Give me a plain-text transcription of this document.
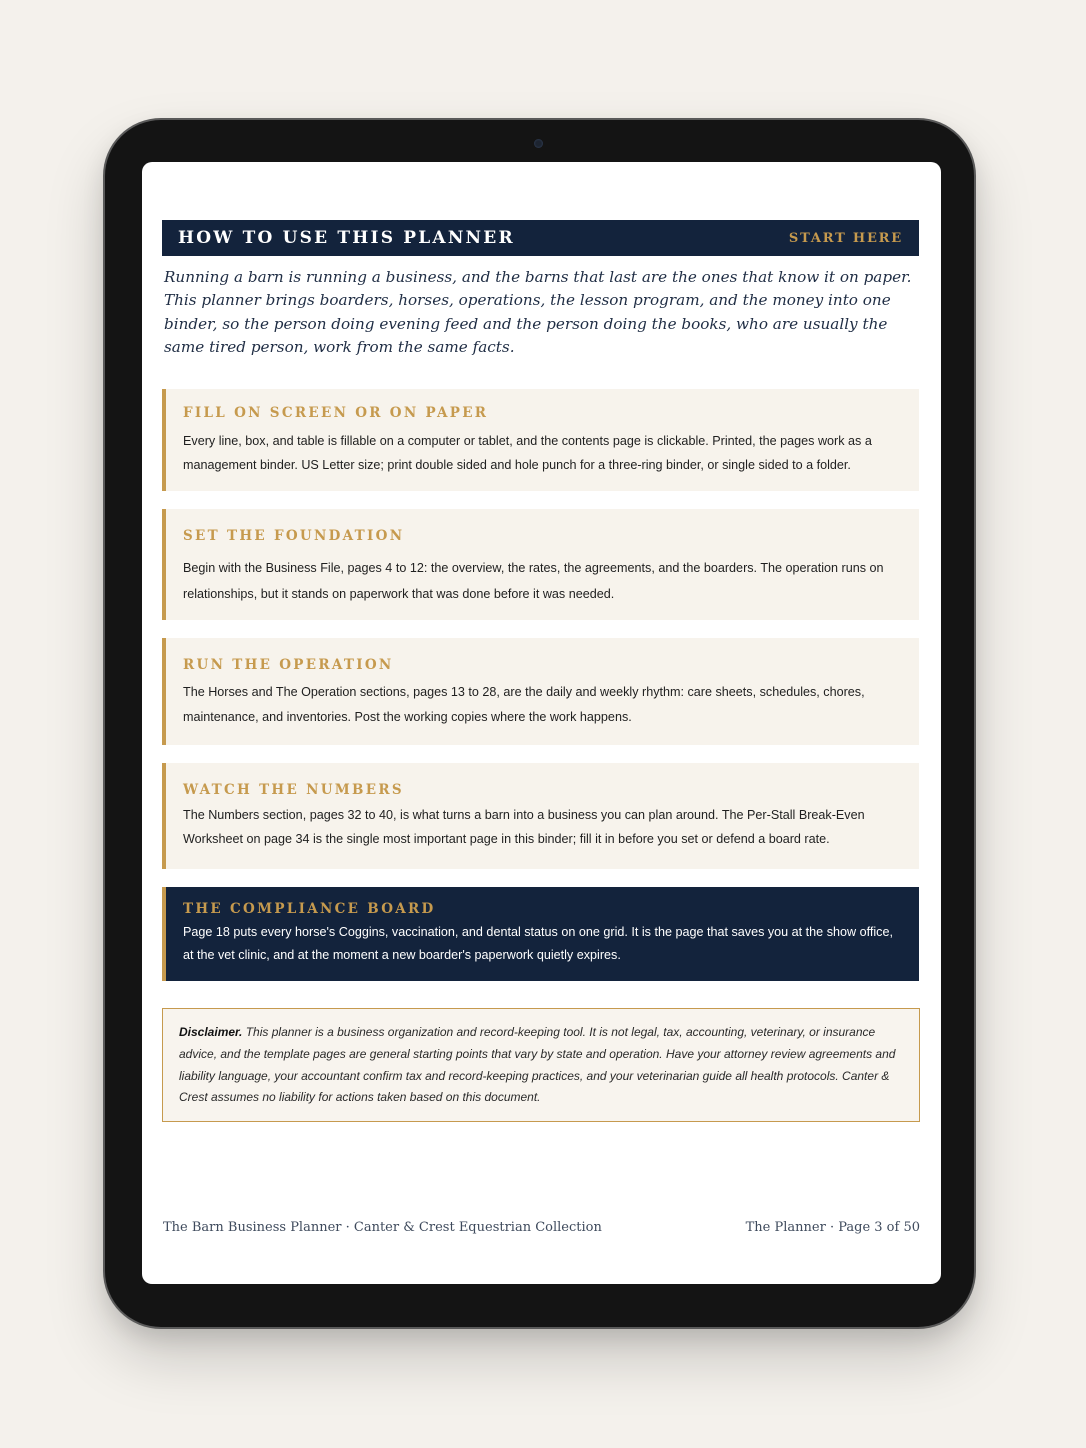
HOW TO USE THIS PLANNER	START HERE

Running a barn is running a business, and the barns that last are the ones that know it on paper. This planner brings boarders, horses, operations, the lesson program, and the money into one binder, so the person doing evening feed and the person doing the books, who are usually the same tired person, work from the same facts.

FILL ON SCREEN OR ON PAPER

Every line, box, and table is fillable on a computer or tablet, and the contents page is clickable. Printed, the pages work as a management binder. US Letter size; print double sided and hole punch for a three-ring binder, or single sided to a folder.

SET THE FOUNDATION

Begin with the Business File, pages 4 to 12: the overview, the rates, the agreements, and the boarders. The operation runs on relationships, but it stands on paperwork that was done before it was needed.

RUN THE OPERATION

The Horses and The Operation sections, pages 13 to 28, are the daily and weekly rhythm: care sheets, schedules, chores, maintenance, and inventories. Post the working copies where the work happens.

WATCH THE NUMBERS

The Numbers section, pages 32 to 40, is what turns a barn into a business you can plan around. The Per-Stall Break-Even Worksheet on page 34 is the single most important page in this binder; fill it in before you set or defend a board rate.

THE COMPLIANCE BOARD

Page 18 puts every horse's Coggins, vaccination, and dental status on one grid. It is the page that saves you at the show office, at the vet clinic, and at the moment a new boarder's paperwork quietly expires.

Disclaimer. This planner is a business organization and record-keeping tool. It is not legal, tax, accounting, veterinary, or insurance advice, and the template pages are general starting points that vary by state and operation. Have your attorney review agreements and liability language, your accountant confirm tax and record-keeping practices, and your veterinarian guide all health protocols. Canter & Crest assumes no liability for actions taken based on this document.

The Barn Business Planner · Canter & Crest Equestrian Collection	The Planner · Page 3 of 50
